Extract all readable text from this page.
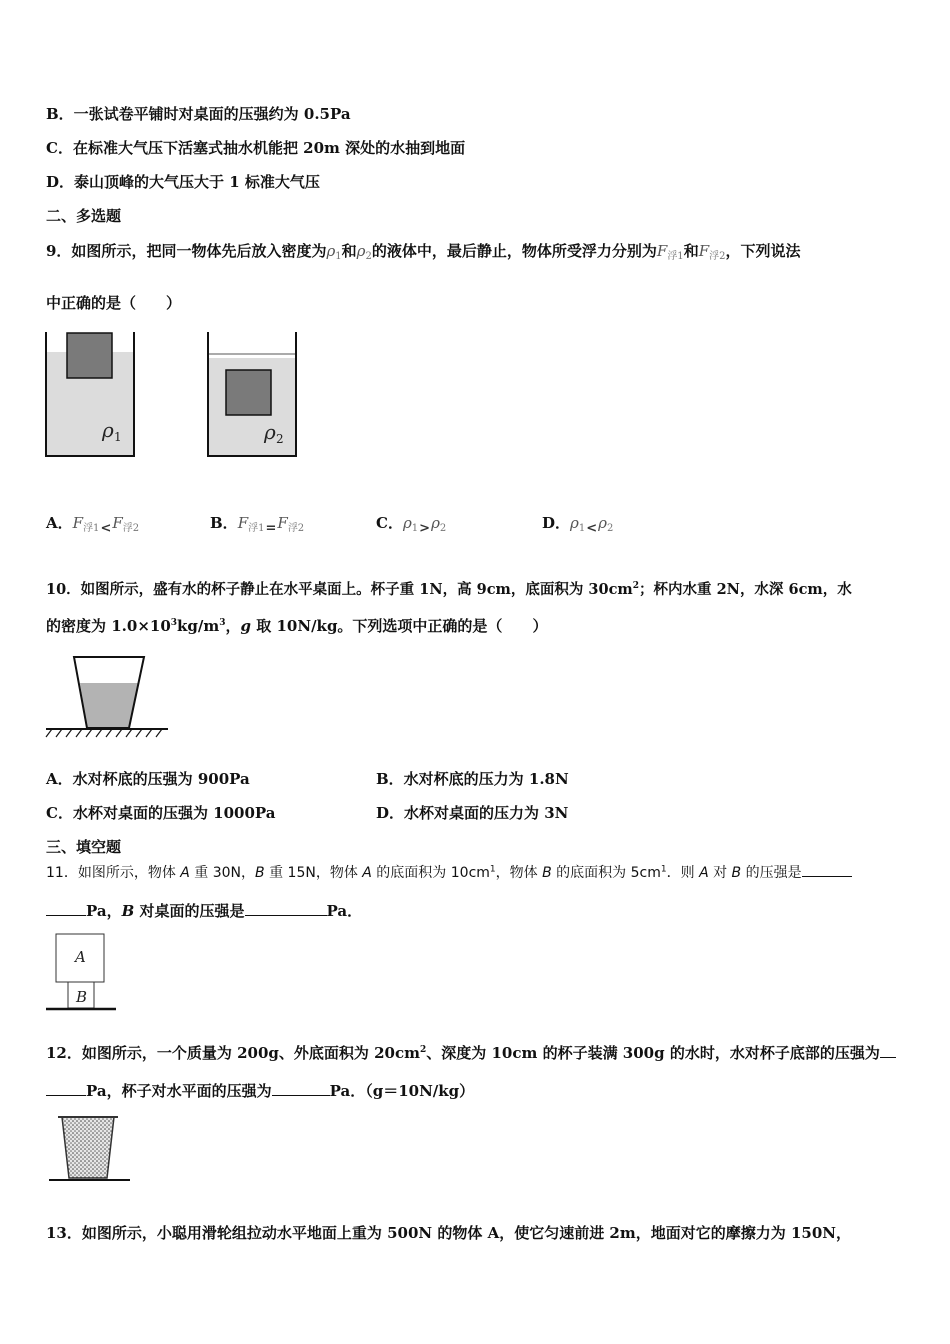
B．一张试卷平铺时对桌面的压强约为 0.5Pa
C．在标准大气压下活塞式抽水机能把 20m 深处的水抽到地面
D．泰山顶峰的大气压大于 1 标准大气压
二、多选题
9．如图所示，把同一物体先后放入密度为$\rho_1$和$\rho_2$的液体中，最后静止，物体所受浮力分别为$F_{浮1}$和$F_{浮2}$，下列说法
中正确的是（　　）
ρ 1	ρ 2
A．$F_{浮1}<F_{浮2}$	B．$F_{浮1}=F_{浮2}$	C．$\rho_1>\rho_2$	D．$\rho_1<\rho_2$
10．如图所示，盛有水的杯子静止在水平桌面上。杯子重 1N，高 9cm，底面积为 $30cm^2$；杯内水重 2N，水深 6cm，水
的密度为 $1.0\times 10^3kg/m^3$，g 取 10N/kg。下列选项中正确的是（　　）
A．水对杯底的压强为 900Pa	B．水对杯底的压力为 1.8N
C．水杯对桌面的压强为 1000Pa	D．水杯对桌面的压力为 3N
三、填空题
11．如图所示，物体 A 重 30N，B 重 15N，物体 A 的底面积为 $10cm^1$，物体 B 的底面积为 $5cm^1$．则 A 对 B 的压强是
Pa，B 对桌面的压强是	Pa．
A
B
12．如图所示，一个质量为 200g、外底面积为 $20cm^2$、深度为 10cm 的杯子装满 300g 的水时，水对杯子底部的压强为
Pa，杯子对水平面的压强为	Pa．（g＝10N/kg）
13．如图所示，小聪用滑轮组拉动水平地面上重为 500N 的物体 A，使它匀速前进 2m，地面对它的摩擦力为 150N，
